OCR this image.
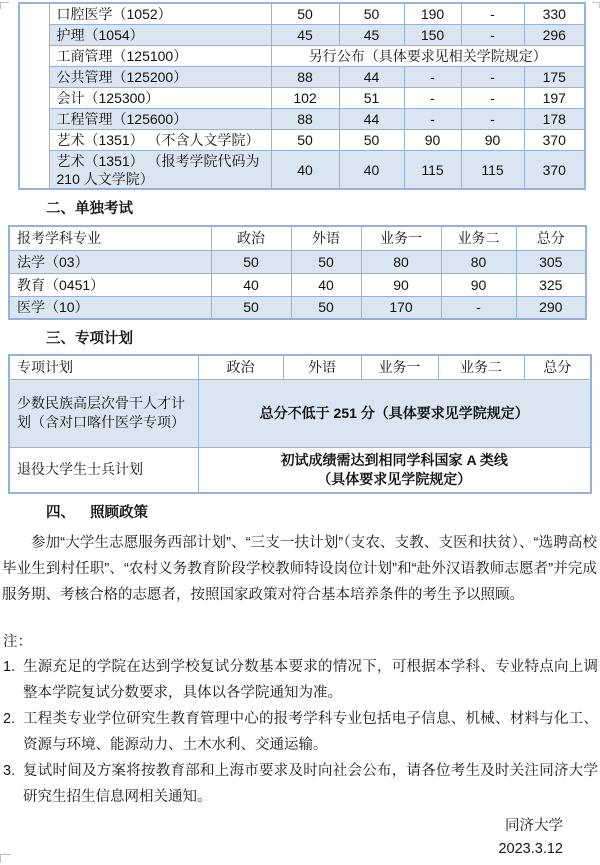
	口腔医学（1052）	50	50	190	-	330
	护理（1054）	45	45	150	-	296
	工商管理（125100）	另行公布（具体要求见相关学院规定）				
	公共管理（125200）	88	44	-	-	175
	会计（125300）	102	51	-	-	197
	工程管理（125600）	88	44	-	-	178
	艺术（1351） （不含人文学院）	50	50	90	90	370
	艺术（1351） （报考学院代码为 210 人文学院）	40	40	115	115	370
二、单独考试
报考学科专业	政治	外语	业务一	业务二	总分
法学（03）	50	50	80	80	305
教育（0451）	40	40	90	90	325
医学（10）	50	50	170	-	290
三、专项计划
专项计划	政治	外语	业务一	业务二	总分
少数民族高层次骨干人才计划（含对口喀什医学专项）	总分不低于 251 分（具体要求见学院规定）				
退役大学生士兵计划	初试成绩需达到相同学科国家 A 类线
（具体要求见学院规定）				
四、 照顾政策

参加“大学生志愿服务西部计划”、“三支一扶计划”（支农、支教、支医和扶贫）、“选聘高校毕业生到村任职”、“农村义务教育阶段学校教师特设岗位计划”和“赴外汉语教师志愿者”并完成服务期、考核合格的志愿者，按照国家政策对符合基本培养条件的考生予以照顾。

注：
1. 生源充足的学院在达到学校复试分数基本要求的情况下，可根据本学科、专业特点向上调整本学院复试分数要求，具体以各学院通知为准。
2. 工程类专业学位研究生教育管理中心的报考学科专业包括电子信息、机械、材料与化工、资源与环境、能源动力、土木水利、交通运输。
3. 复试时间及方案将按教育部和上海市要求及时向社会公布，请各位考生及时关注同济大学研究生招生信息网相关通知。
同济大学
2023.3.12
